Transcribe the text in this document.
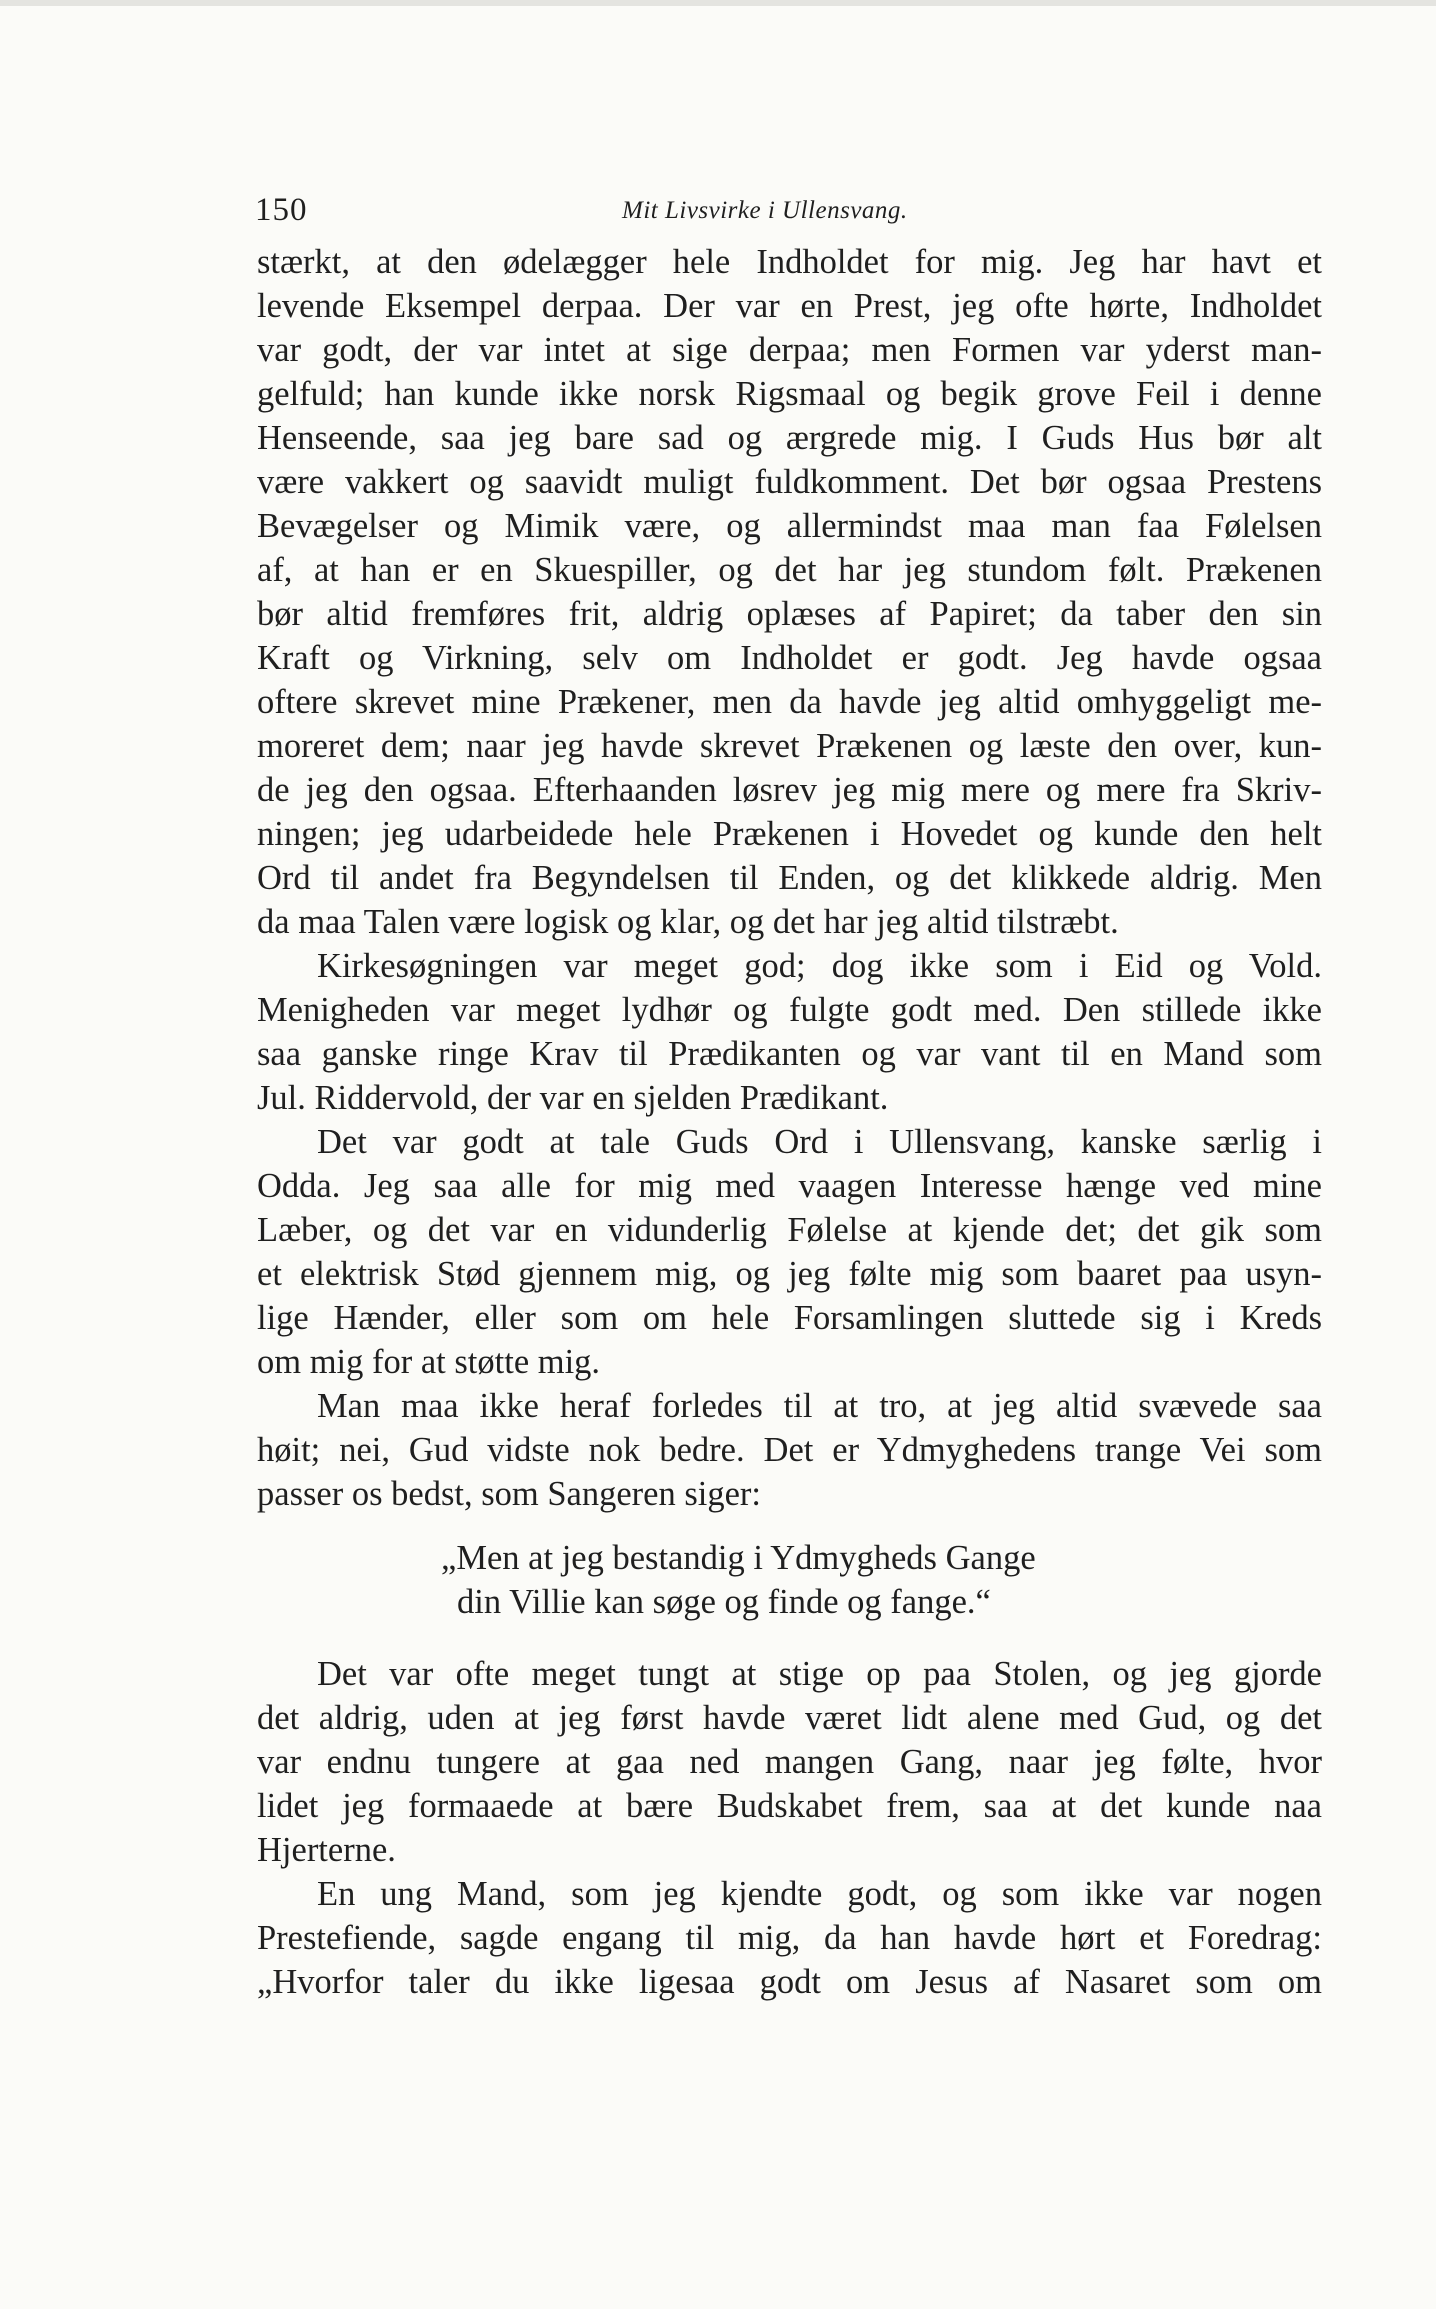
150	Mit Livsvirke i Ullensvang.
stærkt, at den ødelægger hele Indholdet for mig. Jeg har havt et
levende Eksempel derpaa. Der var en Prest, jeg ofte hørte, Indholdet
var godt, der var intet at sige derpaa; men Formen var yderst man-
gelfuld; han kunde ikke norsk Rigsmaal og begik grove Feil i denne
Henseende, saa jeg bare sad og ærgrede mig. I Guds Hus bør alt
være vakkert og saavidt muligt fuldkomment. Det bør ogsaa Prestens
Bevægelser og Mimik være, og allermindst maa man faa Følelsen
af, at han er en Skuespiller, og det har jeg stundom følt. Prækenen
bør altid fremføres frit, aldrig oplæses af Papiret; da taber den sin
Kraft og Virkning, selv om Indholdet er godt. Jeg havde ogsaa
oftere skrevet mine Prækener, men da havde jeg altid omhyggeligt me-
moreret dem; naar jeg havde skrevet Prækenen og læste den over, kun-
de jeg den ogsaa. Efterhaanden løsrev jeg mig mere og mere fra Skriv-
ningen; jeg udarbeidede hele Prækenen i Hovedet og kunde den helt
Ord til andet fra Begyndelsen til Enden, og det klikkede aldrig. Men
da maa Talen være logisk og klar, og det har jeg altid tilstræbt.
Kirkesøgningen var meget god; dog ikke som i Eid og Vold.
Menigheden var meget lydhør og fulgte godt med. Den stillede ikke
saa ganske ringe Krav til Prædikanten og var vant til en Mand som
Jul. Riddervold, der var en sjelden Prædikant.
Det var godt at tale Guds Ord i Ullensvang, kanske særlig i
Odda. Jeg saa alle for mig med vaagen Interesse hænge ved mine
Læber, og det var en vidunderlig Følelse at kjende det; det gik som
et elektrisk Stød gjennem mig, og jeg følte mig som baaret paa usyn-
lige Hænder, eller som om hele Forsamlingen sluttede sig i Kreds
om mig for at støtte mig.
Man maa ikke heraf forledes til at tro, at jeg altid svævede saa
høit; nei, Gud vidste nok bedre. Det er Ydmyghedens trange Vei som
passer os bedst, som Sangeren siger:
„Men at jeg bestandig i Ydmygheds Gange
din Villie kan søge og finde og fange.“
Det var ofte meget tungt at stige op paa Stolen, og jeg gjorde
det aldrig, uden at jeg først havde været lidt alene med Gud, og det
var endnu tungere at gaa ned mangen Gang, naar jeg følte, hvor
lidet jeg formaaede at bære Budskabet frem, saa at det kunde naa
Hjerterne.
En ung Mand, som jeg kjendte godt, og som ikke var nogen
Prestefiende, sagde engang til mig, da han havde hørt et Foredrag:
„Hvorfor taler du ikke ligesaa godt om Jesus af Nasaret som om
